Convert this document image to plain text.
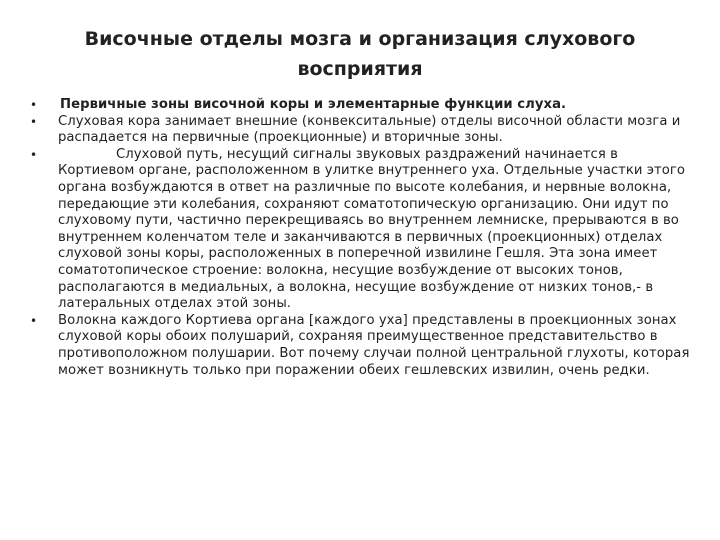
Височные отделы мозга и организация слухового восприятия
• Первичные зоны височной коры и элементарные функции слуха.
• Слуховая кора занимает внешние (конвекситальные) отделы височной области мозга и распадается на первичные (проекционные) и вторичные зоны.
•	Слуховой путь, несущий сигналы звуковых раздражений начинается в Кортиевом органе, расположенном в улитке внутреннего уха. Отдельные участки этого органа возбуждаются в ответ на различные по высоте колебания, и нервные волокна, передающие эти колебания, сохраняют соматотопическую организацию. Они идут по слуховому пути, частично перекрещиваясь во внутреннем лемниске, прерываются в во внутреннем коленчатом теле и заканчиваются в первичных (проекционных) отделах слуховой зоны коры, расположенных в поперечной извилине Гешля. Эта зона имеет соматотопическое строение: волокна, несущие возбуждение от высоких тонов, располагаются в медиальных, а волокна, несущие возбуждение от низких тонов,- в латеральных отделах этой зоны.
• Волокна каждого Кортиева органа [каждого уха] представлены в проекционных зонах слуховой коры обоих полушарий, сохраняя преимущественное представительство в противоположном полушарии. Вот почему случаи полной центральной глухоты, которая может возникнуть только при поражении обеих гешлевских извилин, очень редки.
